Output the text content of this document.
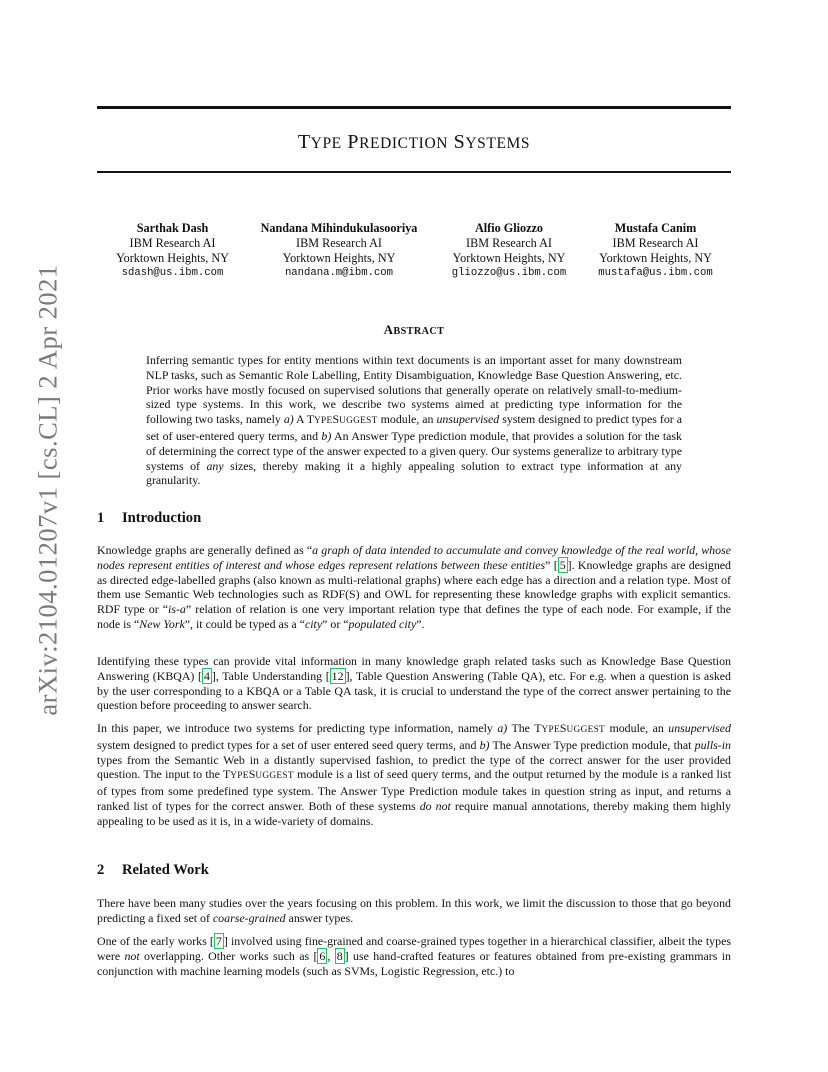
arXiv:2104.01207v1 [cs.CL] 2 Apr 2021
TYPE PREDICTION SYSTEMS
Sarthak Dash
IBM Research AI
Yorktown Heights, NY
sdash@us.ibm.com
Nandana Mihindukulasooriya
IBM Research AI
Yorktown Heights, NY
nandana.m@ibm.com
Alfio Gliozzo
IBM Research AI
Yorktown Heights, NY
gliozzo@us.ibm.com
Mustafa Canim
IBM Research AI
Yorktown Heights, NY
mustafa@us.ibm.com
ABSTRACT
Inferring semantic types for entity mentions within text documents is an important asset for many downstream NLP tasks, such as Semantic Role Labelling, Entity Disambiguation, Knowledge Base Question Answering, etc. Prior works have mostly focused on supervised solutions that generally operate on relatively small-to-medium-sized type systems. In this work, we describe two systems aimed at predicting type information for the following two tasks, namely a) A TYPESUGGEST module, an unsupervised system designed to predict types for a set of user-entered query terms, and b) An Answer Type prediction module, that provides a solution for the task of determining the correct type of the answer expected to a given query. Our systems generalize to arbitrary type systems of any sizes, thereby making it a highly appealing solution to extract type information at any granularity.
1 Introduction

Knowledge graphs are generally defined as “a graph of data intended to accumulate and convey knowledge of the real world, whose nodes represent entities of interest and whose edges represent relations between these entities” [ 5 ]. Knowledge graphs are designed as directed edge-labelled graphs (also known as multi-relational graphs) where each edge has a direction and a relation type. Most of them use Semantic Web technologies such as RDF(S) and OWL for representing these knowledge graphs with explicit semantics. RDF type or “is-a” relation of relation is one very important relation type that defines the type of each node. For example, if the node is “New York”, it could be typed as a “city” or “populated city”.

Identifying these types can provide vital information in many knowledge graph related tasks such as Knowledge Base Question Answering (KBQA) [ 4 ], Table Understanding [ 12 ], Table Question Answering (Table QA), etc. For e.g. when a question is asked by the user corresponding to a KBQA or a Table QA task, it is crucial to understand the type of the correct answer pertaining to the question before proceeding to answer search.

In this paper, we introduce two systems for predicting type information, namely a) The TYPESUGGEST module, an unsupervised system designed to predict types for a set of user entered seed query terms, and b) The Answer Type prediction module, that pulls-in types from the Semantic Web in a distantly supervised fashion, to predict the type of the correct answer for the user provided question. The input to the TYPESUGGEST module is a list of seed query terms, and the output returned by the module is a ranked list of types from some predefined type system. The Answer Type Prediction module takes in question string as input, and returns a ranked list of types for the correct answer. Both of these systems do not require manual annotations, thereby making them highly appealing to be used as it is, in a wide-variety of domains.

2 Related Work

There have been many studies over the years focusing on this problem. In this work, we limit the discussion to those that go beyond predicting a fixed set of coarse-grained answer types.

One of the early works [ 7 ] involved using fine-grained and coarse-grained types together in a hierarchical classifier, albeit the types were not overlapping. Other works such as [ 6 , 8 ] use hand-crafted features or features obtained from pre-existing grammars in conjunction with machine learning models (such as SVMs, Logistic Regression, etc.) to
